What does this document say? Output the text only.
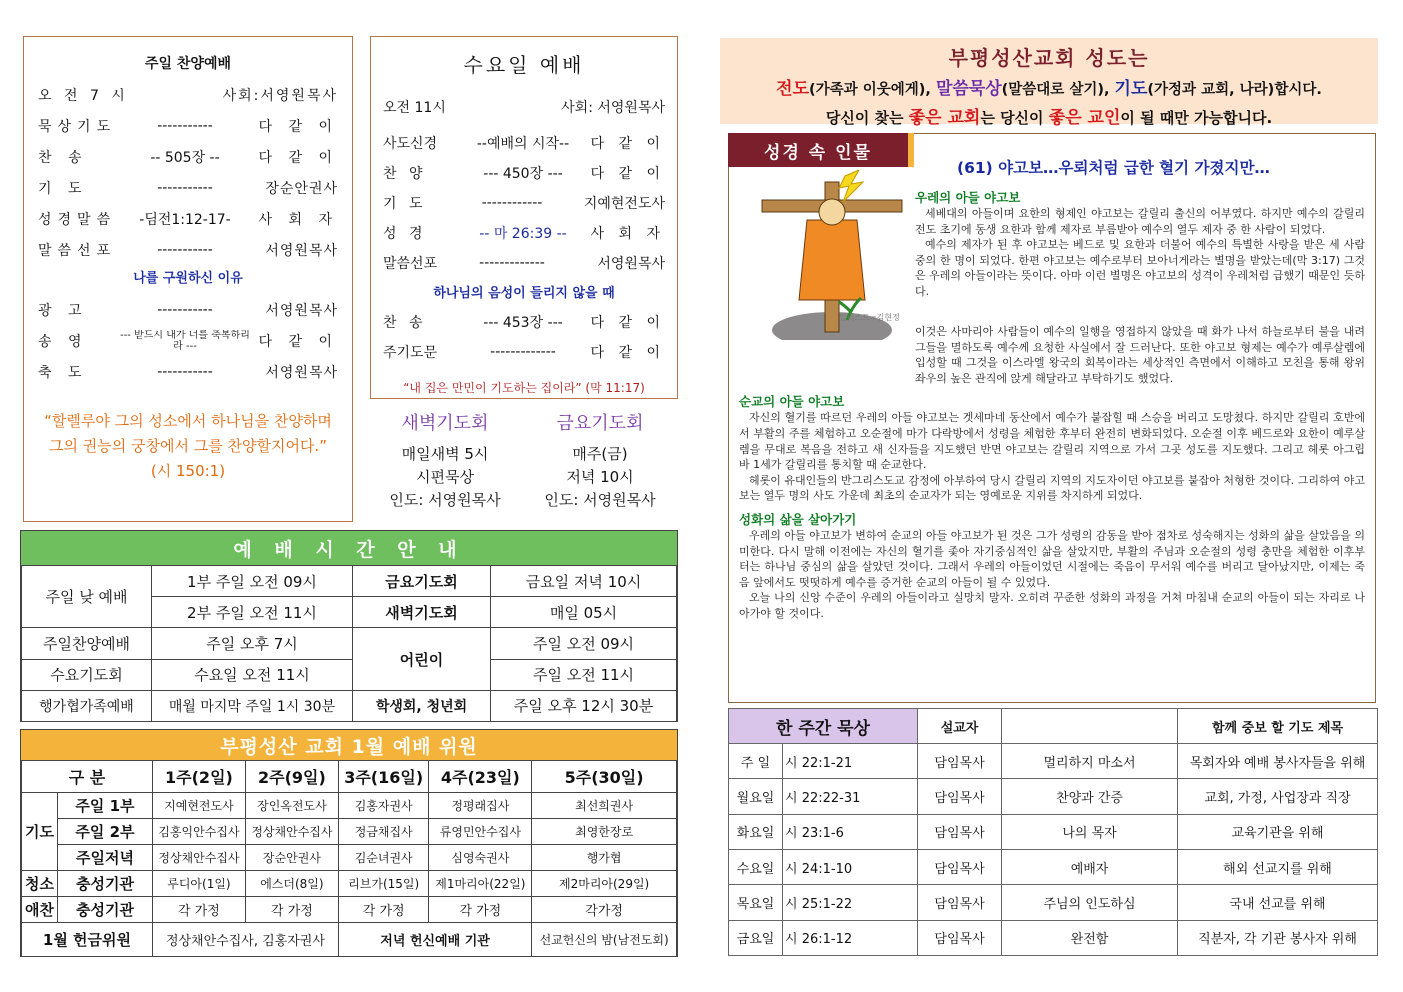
주일 찬양예배
오 전 7 시	사회:서영원목사
묵상기도	-----------	다 같 이
찬 송	-- 505장 --	다 같 이
기 도	-----------	장순안권사
성경말씀	-딤전1:12-17-	사 회 자
말씀선포	-----------	서영원목사
나를 구원하신 이유
광 고	-----------	서영원목사
송 영	--- 받드시 내가 너를 축복하리라 ---	다 같 이
축 도	-----------	서영원목사
“할렐루야 그의 성소에서 하나님을 찬양하며 그의 권능의 궁창에서 그를 찬양할지어다.” (시 150:1)
수요일 예배
오전 11시	사회: 서영원목사
사도신경	--예배의 시작--	다 같 이
찬 양	--- 450장 ---	다 같 이
기 도	------------	지예현전도사
성 경	-- 마 26:39 --	사 회 자
말씀선포	-------------	서영원목사
하나님의 음성이 들리지 않을 때
찬 송	--- 453장 ---	다 같 이
주기도문	-------------	다 같 이
“내 집은 만민이 기도하는 집이라” (막 11:17)
새벽기도회
매일새벽 5시
시편묵상
인도: 서영원목사
금요기도회
매주(금)
저녁 10시
인도: 서영원목사
예 배 시 간 안 내
주일 낮 예배	1부 주일 오전 09시	금요기도회	금요일 저녁 10시
	2부 주일 오전 11시	새벽기도회	매일 05시
주일찬양예배	주일 오후 7시	어린이	주일 오전 09시
수요기도회	수요일 오전 11시		주일 오전 11시
행가협가족예배	매월 마지막 주일 1시 30분	학생회, 청년회	주일 오후 12시 30분
부평성산 교회 1월 예배 위원
구 분		1주(2일)	2주(9일)	3주(16일)	4주(23일)	5주(30일)
기도	주일 1부	지예현전도사	장인옥전도사	김홍자권사	정평래집사	최선희권사
	주일 2부	김홍익안수집사	정상채안수집사	정금채집사	류영민안수집사	최영한장로
	주일저녁	정상채안수집사	장순안권사	김순녀권사	심영숙권사	행가협
청소	충성기관	루디아(1일)	에스더(8일)	리브가(15일)	제1마리아(22일)	제2마리아(29일)
애찬	충성기관	각 가정	각 가정	각 가정	각 가정	각가정
1월 헌금위원		정상채안수집사, 김홍자권사		저녁 헌신예배 기관		선교헌신의 밤(남전도회)
부평성산교회 성도는
전도(가족과 이웃에게), 말씀묵상(말씀대로 살기), 기도(가정과 교회, 나라)합시다.
당신이 찾는 좋은 교회는 당신이 좋은 교인이 될 때만 가능합니다.
성경 속 인물
(61) 야고보…우뢰처럼 급한 혈기 가졌지만…
일러스트=김현정
우레의 아들 야고보

세베대의 아들이며 요한의 형제인 야고보는 갈릴리 출신의 어부였다. 하지만 예수의 갈릴리 전도 초기에 동생 요한과 함께 제자로 부름받아 예수의 열두 제자 중 한 사람이 되었다.

예수의 제자가 된 후 야고보는 베드로 및 요한과 더불어 예수의 특별한 사랑을 받은 세 사람 중의 한 명이 되었다. 한편 야고보는 예수로부터 보아너게라는 별명을 받았는데(막 3:17) 그것은 우레의 아들이라는 뜻이다. 아마 이런 별명은 야고보의 성격이 우레처럼 급했기 때문인 듯하다.

이것은 사마리아 사람들이 예수의 일행을 영접하지 않았을 때 화가 나서 하늘로부터 불을 내려 그들을 멸하도록 예수께 요청한 사실에서 잘 드러난다. 또한 야고보 형제는 예수가 예루살렘에 입성할 때 그것을 이스라엘 왕국의 회복이라는 세상적인 측면에서 이해하고 모친을 통해 왕위 좌우의 높은 관직에 앉게 해달라고 부탁하기도 했었다.

순교의 아들 야고보

자신의 혈기를 따르던 우레의 아들 야고보는 겟세마네 동산에서 예수가 붙잡힐 때 스승을 버리고 도망쳤다. 하지만 갈릴리 호반에서 부활의 주를 체험하고 오순절에 마가 다락방에서 성령을 체험한 후부터 완전히 변화되었다. 오순절 이후 베드로와 요한이 예루살렘을 무대로 복음을 전하고 새 신자들을 지도했던 반면 야고보는 갈릴리 지역으로 가서 그곳 성도를 지도했다. 그리고 헤롯 아그립바 1세가 갈릴리를 통치할 때 순교한다.

헤롯이 유대인들의 반그리스도교 감정에 아부하여 당시 갈릴리 지역의 지도자이던 야고보를 붙잡아 처형한 것이다. 그리하여 야고보는 열두 명의 사도 가운데 최초의 순교자가 되는 영예로운 지위를 차지하게 되었다.

성화의 삶을 살아가기

우레의 아들 야고보가 변하여 순교의 아들 야고보가 된 것은 그가 성령의 감동을 받아 점차로 성숙해지는 성화의 삶을 살았음을 의미한다. 다시 말해 이전에는 자신의 혈기를 좇아 자기중심적인 삶을 살았지만, 부활의 주님과 오순절의 성령 충만을 체험한 이후부터는 하나님 중심의 삶을 살았던 것이다. 그래서 우레의 아들이었던 시절에는 죽음이 무서워 예수를 버리고 달아났지만, 이제는 죽음 앞에서도 떳떳하게 예수를 증거한 순교의 아들이 될 수 있었다.

오늘 나의 신앙 수준이 우레의 아들이라고 실망치 말자. 오히려 꾸준한 성화의 과정을 거쳐 마침내 순교의 아들이 되는 자리로 나아가야 할 것이다.

한 주간 묵상		설교자		함께 중보 할 기도 제목
주 일	시 22:1-21	담임목사	멀리하지 마소서	목회자와 예배 봉사자들을 위해
월요일	시 22:22-31	담임목사	찬양과 간증	교회, 가정, 사업장과 직장
화요일	시 23:1-6	담임목사	나의 목자	교육기관을 위해
수요일	시 24:1-10	담임목사	예배자	해외 선교지를 위해
목요일	시 25:1-22	담임목사	주님의 인도하심	국내 선교를 위해
금요일	시 26:1-12	담임목사	완전함	직분자, 각 기관 봉사자 위해
